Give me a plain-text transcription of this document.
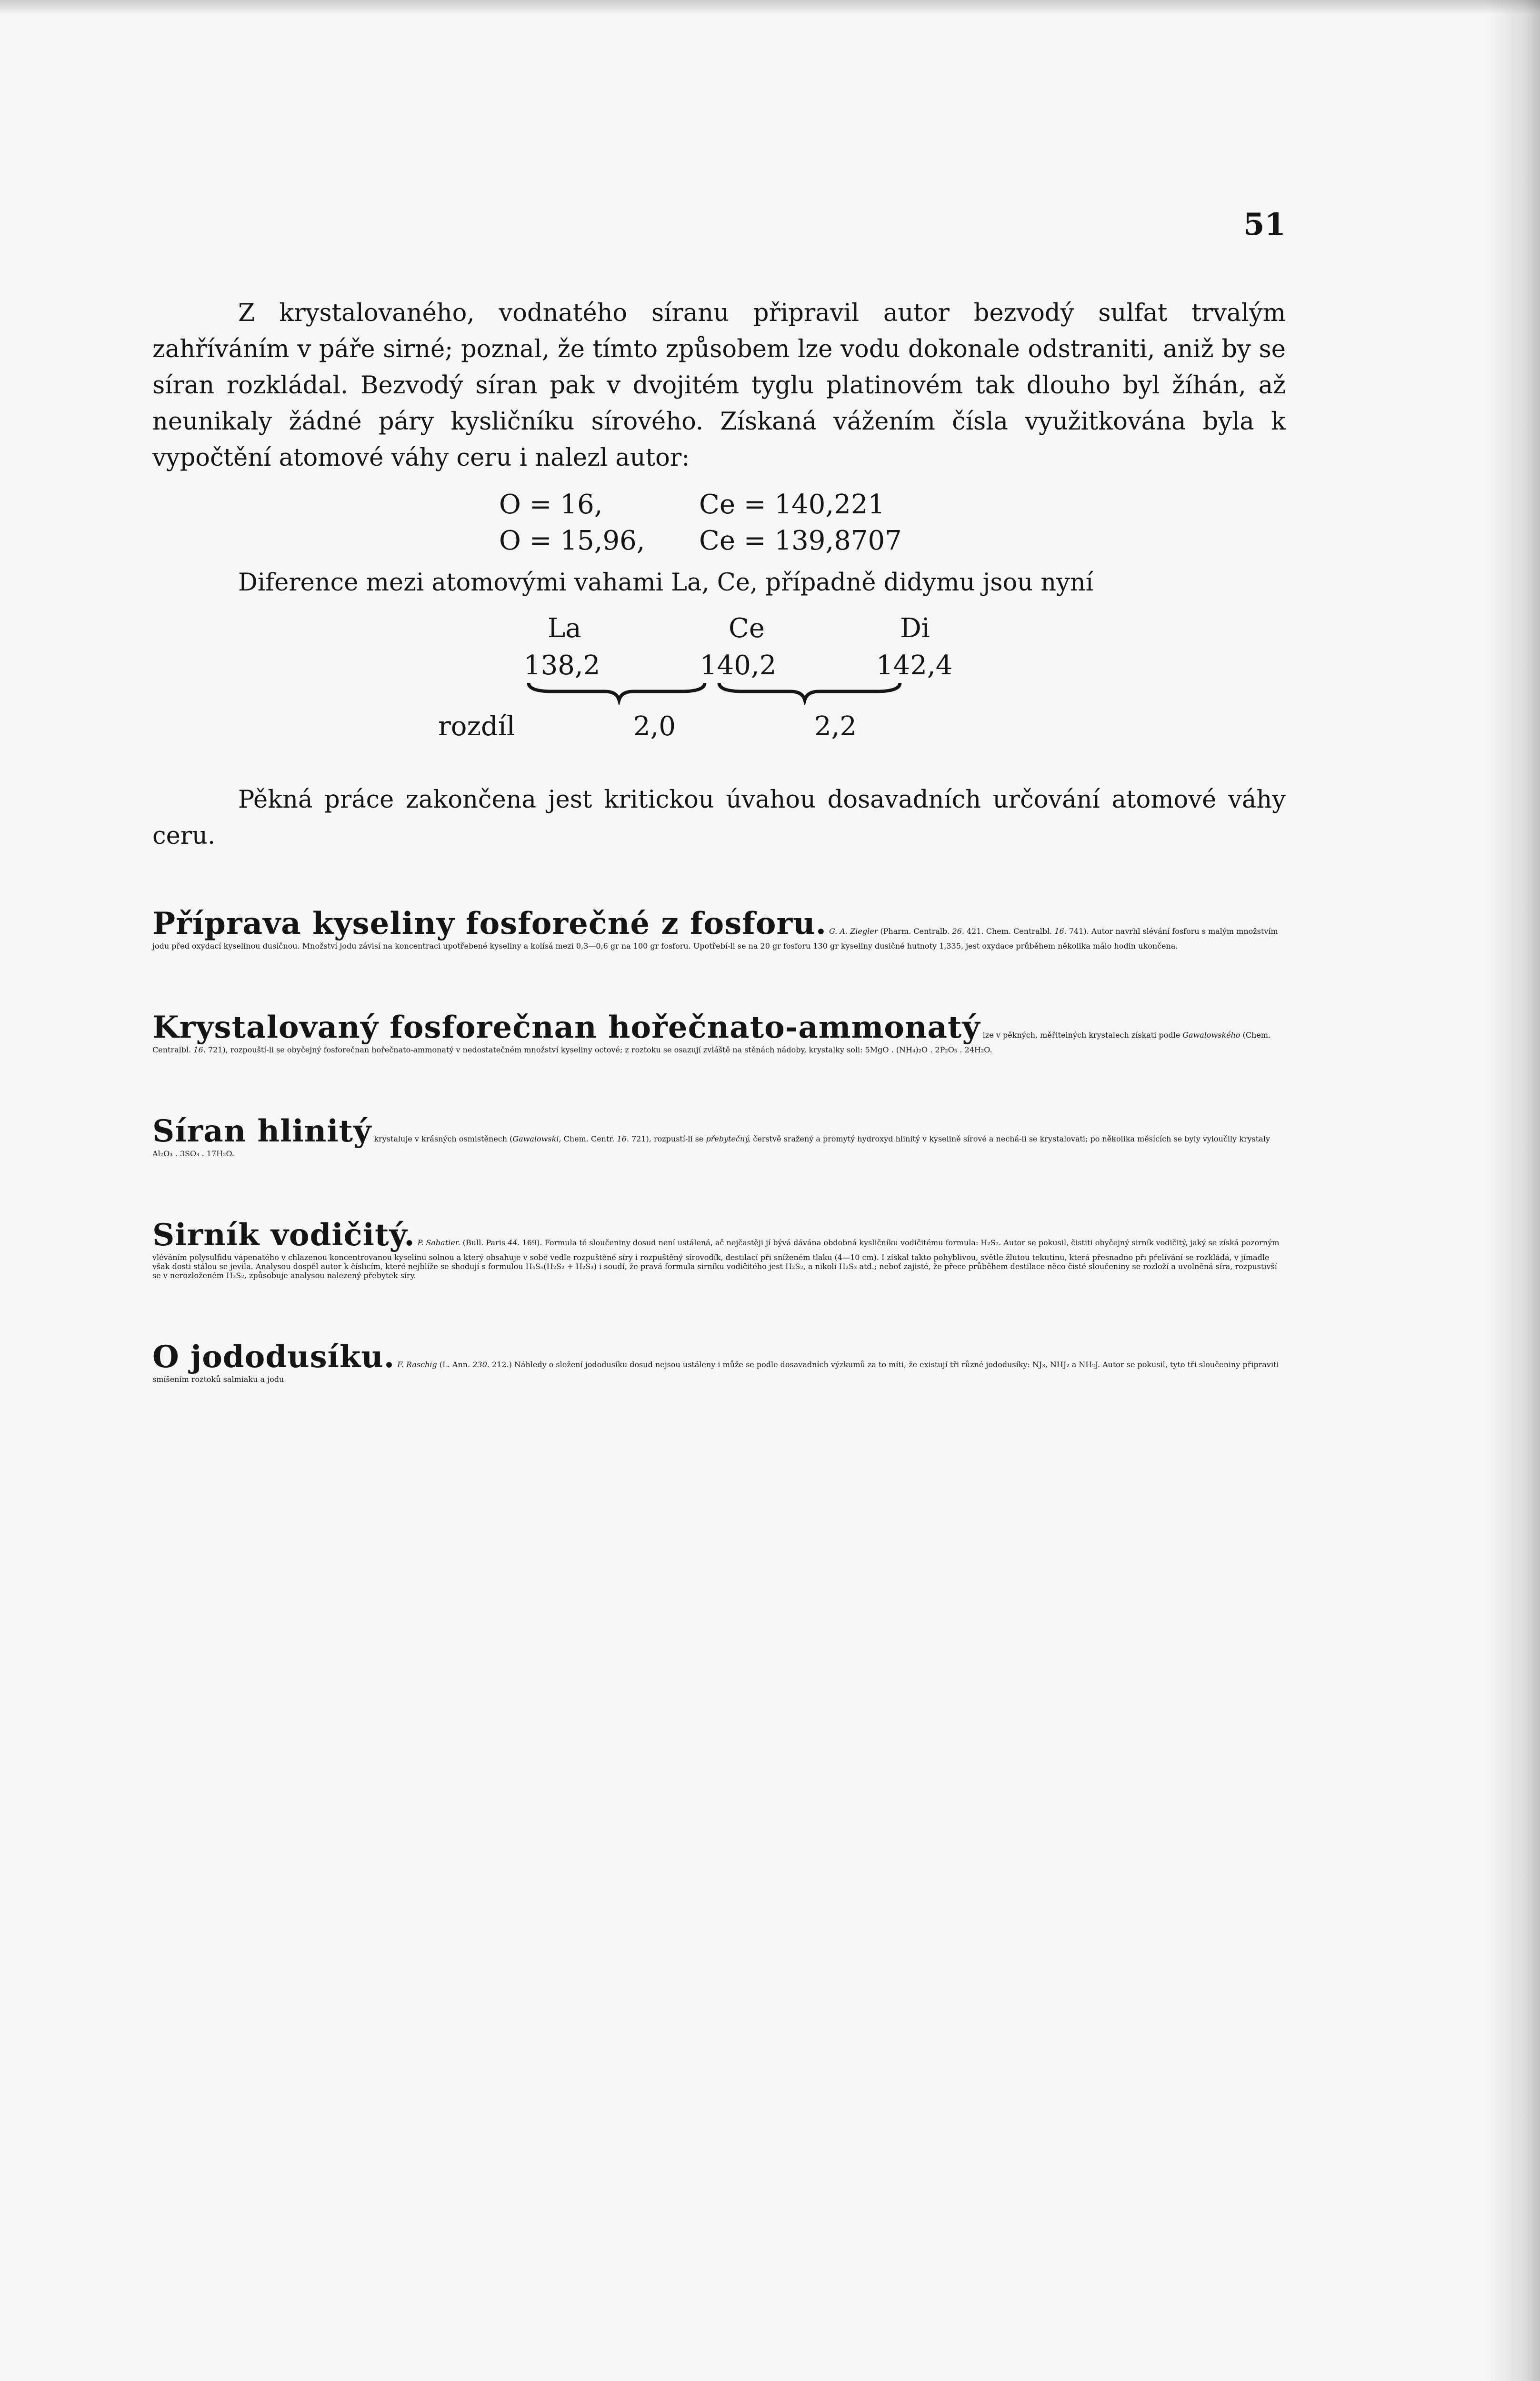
51

Z krystalovaného, vodnatého síranu připravil autor bezvodý sulfat trvalým zahříváním v páře sirné; poznal, že tímto způsobem lze vodu dokonale odstraniti, aniž by se síran rozkládal. Bezvodý síran pak v dvojitém tyglu platinovém tak dlouho byl žíhán, až neunikaly žádné páry kysličníku sírového. Získaná vážením čísla využitkována byla k vypočtění atomové váhy ceru i nalezl autor:

O = 16,	Ce = 140,221
O = 15,96,	Ce = 139,8707

Diference mezi atomovými vahami La, Ce, případně didymu jsou nyní

La	Ce	Di
138,2	140,2	142,4
rozdíl	2,0	2,2

Pěkná práce zakončena jest kritickou úvahou dosavadních určování atomové váhy ceru.

Příprava kyseliny fosforečné z fosforu. G. A. Ziegler (Pharm. Centralb. 26. 421. Chem. Centralbl. 16. 741). Autor navrhl slévání fosforu s malým množstvím jodu před oxydací kyselinou dusičnou. Množství jodu závisí na koncentraci upotřebené kyseliny a kolísá mezi 0,3—0,6 gr na 100 gr fosforu. Upotřebí-li se na 20 gr fosforu 130 gr kyseliny dusičné hutnoty 1,335, jest oxydace průběhem několika málo hodin ukončena.

Krystalovaný fosforečnan hořečnato-ammonatý lze v pěkných, měřitelných krystalech získati podle Gawalowského (Chem. Centralbl. 16. 721), rozpouští-li se obyčejný fosforečnan hořečnato-ammonatý v nedostatečném množství kyseliny octové; z roztoku se osazují zvláště na stěnách nádoby, krystalky soli: 5MgO . (NH₄)₂O . 2P₂O₅ . 24H₂O.

Síran hlinitý krystaluje v krásných osmistěnech (Gawalowski, Chem. Centr. 16. 721), rozpustí-li se přebytečný, čerstvě sražený a promytý hydroxyd hlinitý v kyselině sírové a nechá-li se krystalovati; po několika měsících se byly vyloučily krystaly Al₂O₃ . 3SO₃ . 17H₂O.

Sirník vodičitý. P. Sabatier. (Bull. Paris 44. 169). Formula té sloučeniny dosud není ustálená, ač nejčastěji jí bývá dávána obdobná kysličníku vodičitému formula: H₂S₂. Autor se pokusil, čistiti obyčejný sirník vodičitý, jaký se získá pozorným vléváním polysulfidu vápenatého v chlazenou koncentrovanou kyselinu solnou a který obsahuje v sobě vedle rozpuštěné síry i rozpuštěný sírovodík, destilací při sníženém tlaku (4—10 cm). I získal takto pohyblivou, světle žlutou tekutinu, která přesnadno při přelívání se rozkládá, v jímadle však dosti stálou se jevila. Analysou dospěl autor k číslicím, které nejblíže se shodují s formulou H₄S₅(H₂S₂ + H₂S₃) i soudí, že pravá formula sirníku vodičitého jest H₂S₂, a nikoli H₂S₃ atd.; neboť zajisté, že přece průběhem destilace něco čisté sloučeniny se rozloží a uvolněná síra, rozpustivší se v nerozloženém H₂S₂, způsobuje analysou nalezený přebytek síry.

O jododusíku. F. Raschig (L. Ann. 230. 212.) Náhledy o složení jododusíku dosud nejsou ustáleny i může se podle dosavadních výzkumů za to míti, že existují tři různé jododusíky: NJ₃, NHJ₂ a NH₂J. Autor se pokusil, tyto tři sloučeniny připraviti smíšením roztoků salmiaku a jodu
